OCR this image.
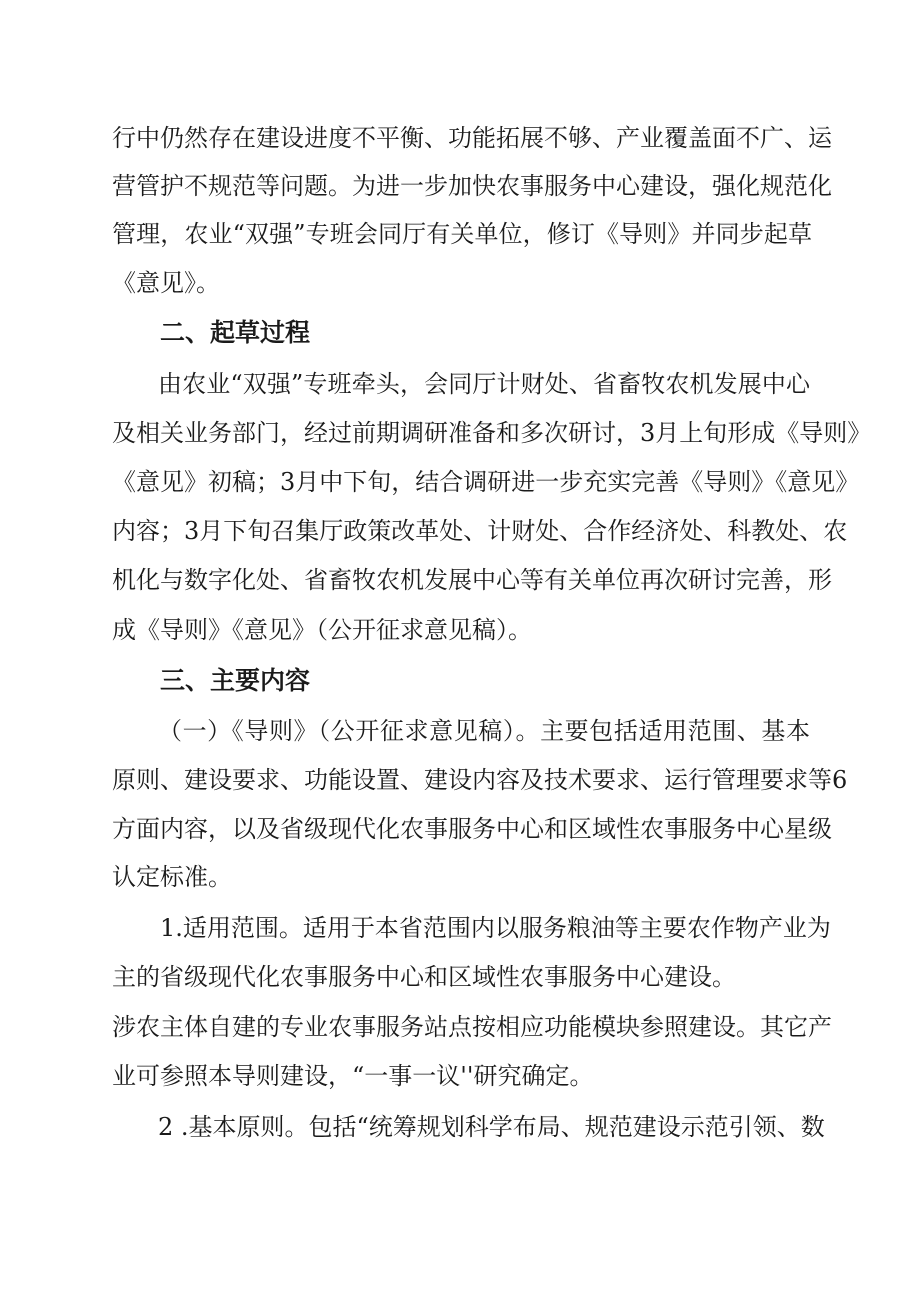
行中仍然存在建设进度不平衡、功能拓展不够、产业覆盖面不广、运
营管护不规范等问题。为进一步加快农事服务中心建设，强化规范化
管理，农业“双强”专班会同厅有关单位，修订《导则》并同步起草
《意见》。
二、起草过程
由农业“双强”专班牵头，会同厅计财处、省畜牧农机发展中心
及相关业务部门，经过前期调研准备和多次研讨，3月上旬形成《导则》
《意见》初稿；3月中下旬，结合调研进一步充实完善《导则》《意见》
内容；3月下旬召集厅政策改革处、计财处、合作经济处、科教处、农
机化与数字化处、省畜牧农机发展中心等有关单位再次研讨完善，形
成《导则》《意见》（公开征求意见稿）。
三、主要内容
（一）《导则》（公开征求意见稿）。主要包括适用范围、基本
原则、建设要求、功能设置、建设内容及技术要求、运行管理要求等6
方面内容，以及省级现代化农事服务中心和区域性农事服务中心星级
认定标准。
1.适用范围。适用于本省范围内以服务粮油等主要农作物产业为
主的省级现代化农事服务中心和区域性农事服务中心建设。
涉农主体自建的专业农事服务站点按相应功能模块参照建设。其它产
业可参照本导则建设，“一事一议''研究确定。
2 .基本原则。包括“统筹规划科学布局、规范建设示范引领、数
